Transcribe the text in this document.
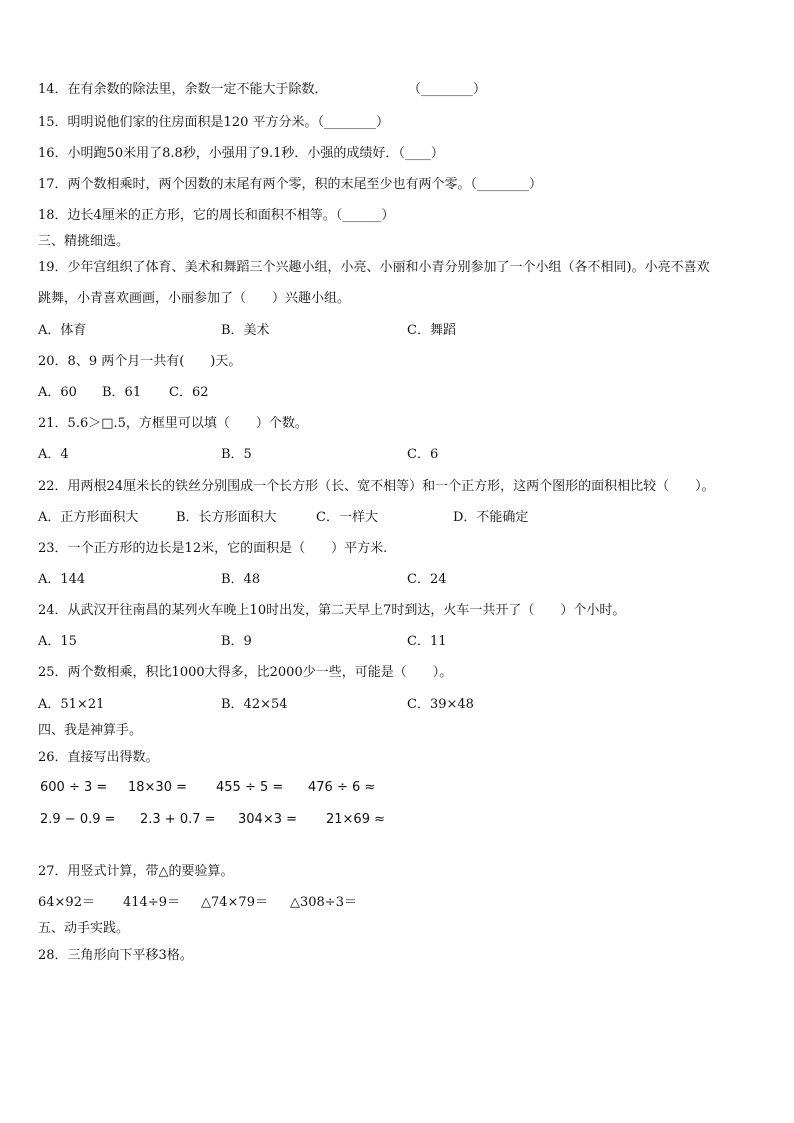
14．在有余数的除法里，余数一定不能大于除数．	（________）
15．明明说他们家的住房面积是120 平方分米。（________）
16．小明跑50米用了8.8秒，小强用了9.1秒．小强的成绩好．（____）
17．两个数相乘时，两个因数的末尾有两个零，积的末尾至少也有两个零。（________）
18．边长4厘米的正方形，它的周长和面积不相等。（______）
三、精挑细选。
19．少年宫组织了体育、美术和舞蹈三个兴趣小组，小亮、小丽和小青分别参加了一个小组（各不相同)。小亮不喜欢
跳舞，小青喜欢画画，小丽参加了（　　）兴趣小组。
A．体育	B．美术	C．舞蹈
20．8、9 两个月一共有(　　)天。
A．60 B．61 C．62
21．5.6＞□.5，方框里可以填（　　）个数。
A．4	B．5	C．6
22．用两根24厘米长的铁丝分别围成一个长方形（长、宽不相等）和一个正方形，这两个图形的面积相比较（　　）。
A．正方形面积大	B．长方形面积大	C．一样大	D．不能确定
23．一个正方形的边长是12米，它的面积是（　　）平方米.
A．144	B．48	C．24
24．从武汉开往南昌的某列火车晚上10时出发，第二天早上7时到达，火车一共开了（　　）个小时。
A．15	B．9	C．11
25．两个数相乘，积比1000大得多，比2000少一些，可能是（　　）。
A．51×21	B．42×54	C．39×48
四、我是神算手。
26．直接写出得数。
600 ÷ 3 = 18×30 = 455 ÷ 5 = 476 ÷ 6 ≈
2.9 − 0.9 = 2.3 + 0.7 = 304×3 = 21×69 ≈
27．用竖式计算，带△的要验算。
64×92＝ 414÷9＝ △74×79＝ △308÷3＝
五、动手实践。
28．三角形向下平移3格。
